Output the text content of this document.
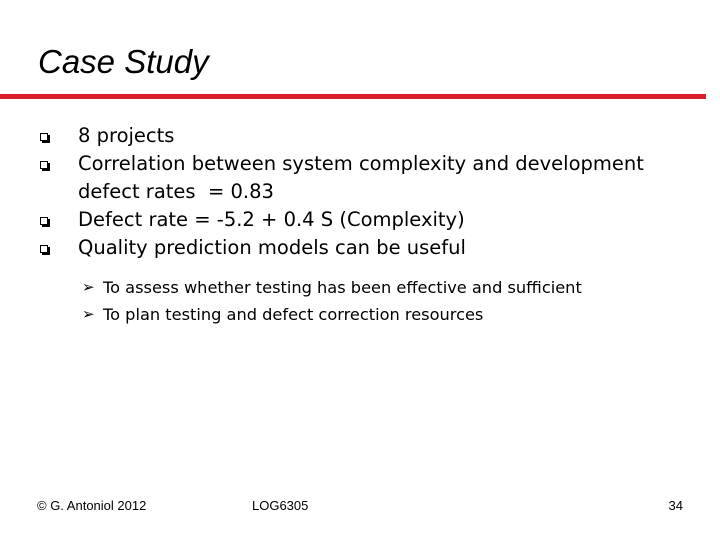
Case Study
8 projects
Correlation between system complexity and development
defect rates  = 0.83
Defect rate = -5.2 + 0.4 S (Complexity)
Quality prediction models can be useful
➢ To assess whether testing has been effective and sufficient
➢ To plan testing and defect correction resources
© G. Antoniol 2012	LOG6305	34
